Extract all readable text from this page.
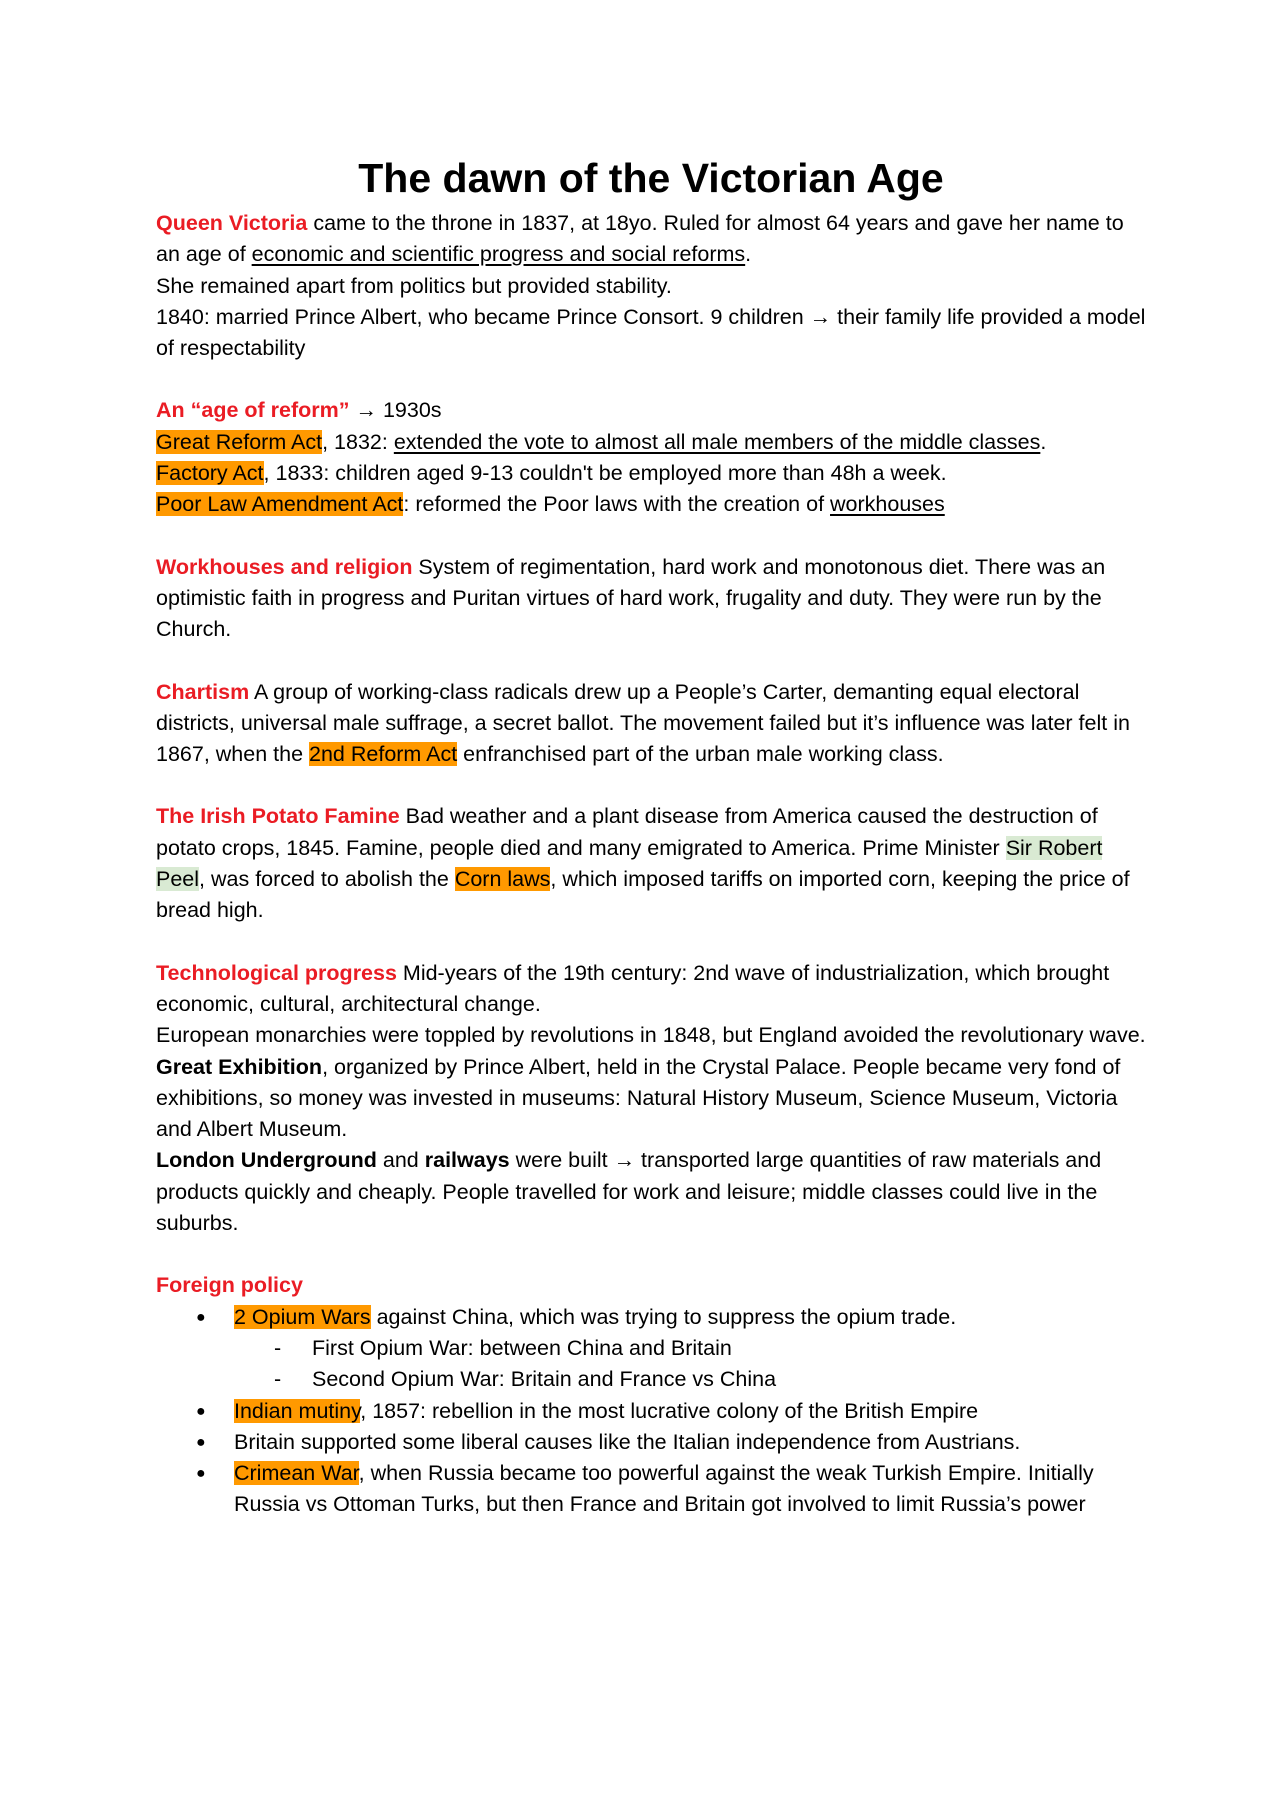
The dawn of the Victorian Age

Queen Victoria came to the throne in 1837, at 18yo. Ruled for almost 64 years and gave her name to an age of economic and scientific progress and social reforms.

She remained apart from politics but provided stability.

1840: married Prince Albert, who became Prince Consort. 9 children → their family life provided a model of respectability

An “age of reform” → 1930s

Great Reform Act, 1832: extended the vote to almost all male members of the middle classes.

Factory Act, 1833: children aged 9-13 couldn't be employed more than 48h a week.

Poor Law Amendment Act: reformed the Poor laws with the creation of workhouses

Workhouses and religion System of regimentation, hard work and monotonous diet. There was an optimistic faith in progress and Puritan virtues of hard work, frugality and duty. They were run by the Church.

Chartism A group of working-class radicals drew up a People’s Carter, demanting equal electoral districts, universal male suffrage, a secret ballot. The movement failed but it’s influence was later felt in 1867, when the 2nd Reform Act enfranchised part of the urban male working class.

The Irish Potato Famine Bad weather and a plant disease from America caused the destruction of potato crops, 1845. Famine, people died and many emigrated to America. Prime Minister Sir Robert Peel, was forced to abolish the Corn laws, which imposed tariffs on imported corn, keeping the price of bread high.

Technological progress Mid-years of the 19th century: 2nd wave of industrialization, which brought economic, cultural, architectural change.

European monarchies were toppled by revolutions in 1848, but England avoided the revolutionary wave.

Great Exhibition, organized by Prince Albert, held in the Crystal Palace. People became very fond of exhibitions, so money was invested in museums: Natural History Museum, Science Museum, Victoria and Albert Museum.

London Underground and railways were built → transported large quantities of raw materials and products quickly and cheaply. People travelled for work and leisure; middle classes could live in the suburbs.

Foreign policy

● 2 Opium Wars against China, which was trying to suppress the opium trade.
- First Opium War: between China and Britain
- Second Opium War: Britain and France vs China
● Indian mutiny, 1857: rebellion in the most lucrative colony of the British Empire
● Britain supported some liberal causes like the Italian independence from Austrians.
● Crimean War, when Russia became too powerful against the weak Turkish Empire. Initially Russia vs Ottoman Turks, but then France and Britain got involved to limit Russia’s power
